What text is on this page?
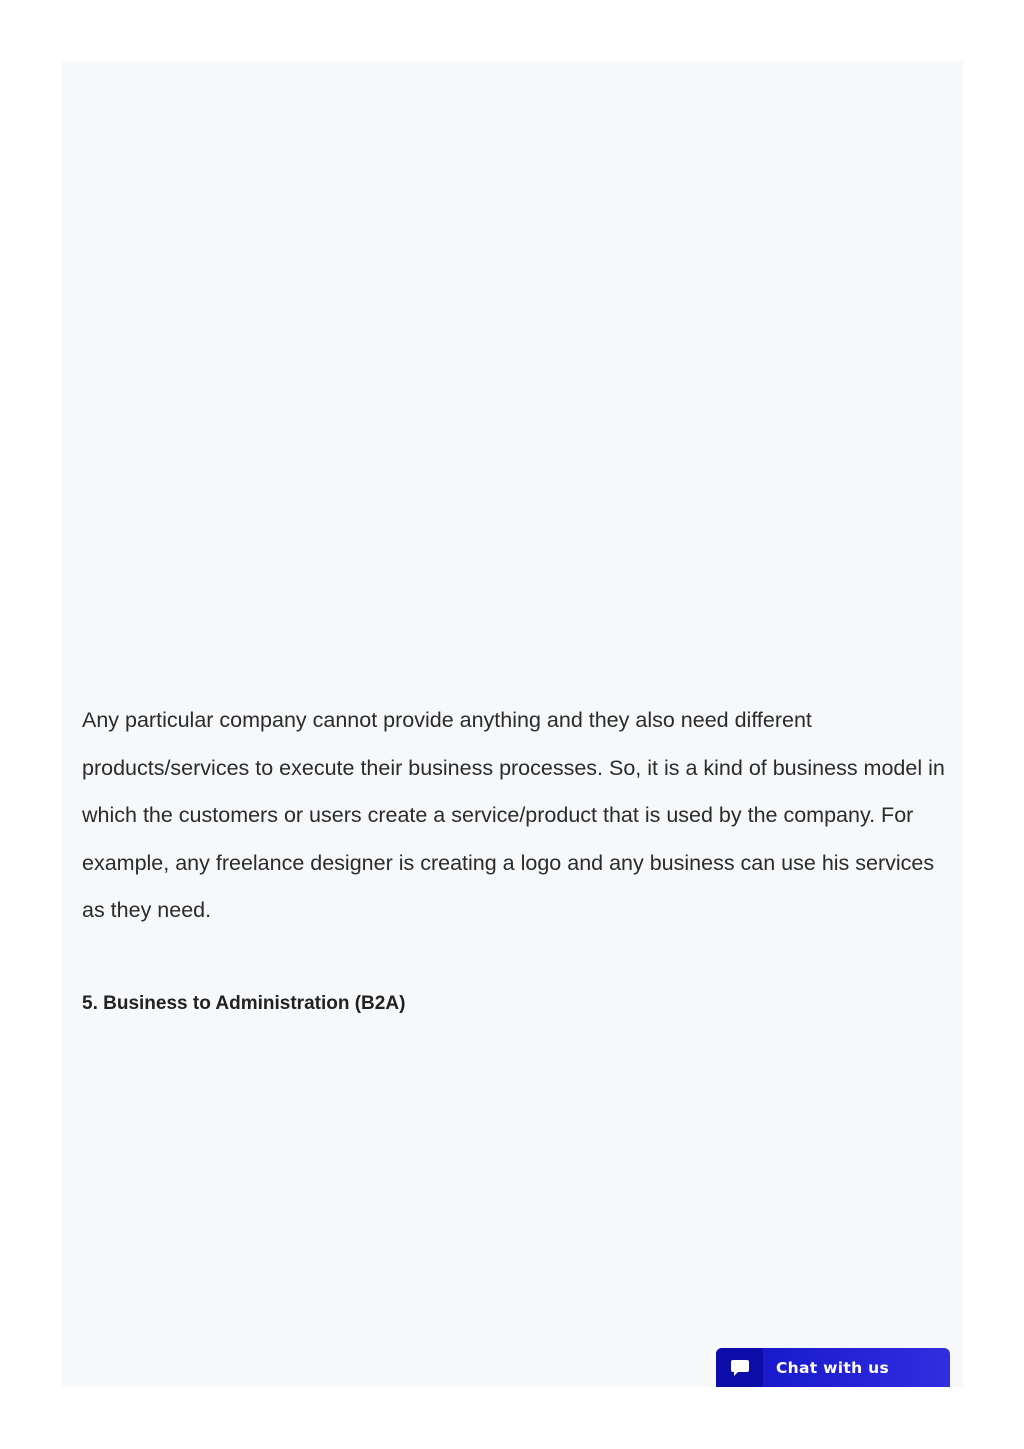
Any particular company cannot provide anything and they also need different products/services to execute their business processes. So, it is a kind of business model in which the customers or users create a service/product that is used by the company. For example, any freelance designer is creating a logo and any business can use his services as they need.

5. Business to Administration (B2A)
Chat with us
